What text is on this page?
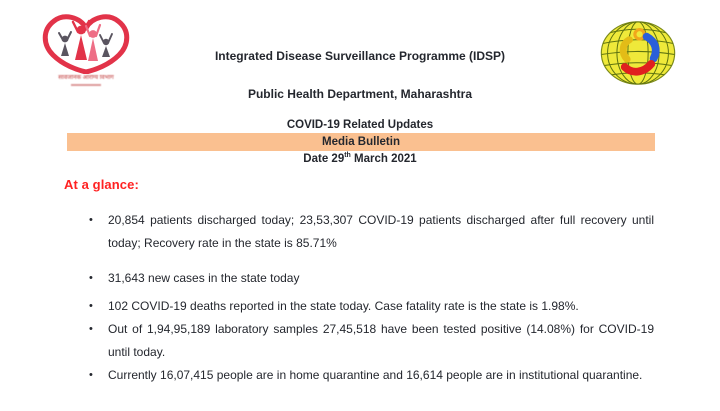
सार्वजनिक आरोग्य विभाग
Integrated Disease Surveillance Programme (IDSP)
Public Health Department, Maharashtra
COVID-19 Related Updates
Media Bulletin
Date 29th March 2021
At a glance:
• 20,854 patients discharged today; 23,53,307 COVID-19 patients discharged after full recovery until today; Recovery rate in the state is 85.71%
• 31,643 new cases in the state today
• 102 COVID-19 deaths reported in the state today. Case fatality rate is the state is 1.98%.
• Out of 1,94,95,189 laboratory samples 27,45,518 have been tested positive (14.08%) for COVID-19 until today.
• Currently 16,07,415 people are in home quarantine and 16,614 people are in institutional quarantine.
